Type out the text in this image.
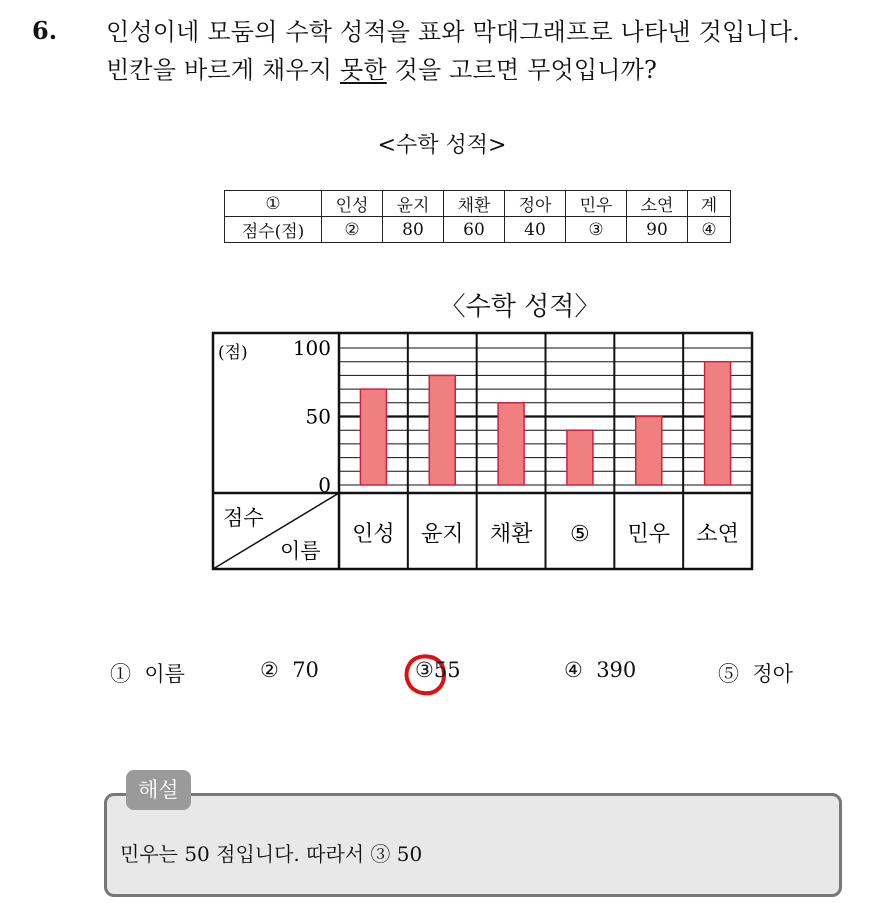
6. 인성이네 모둠의 수학 성적을 표와 막대그래프로 나타낸 것입니다.
빈칸을 바르게 채우지 못한 것을 고르면 무엇입니까?
<수학 성적>
①	인성	윤지	채환	정아	민우	소연	계
점수(점)	②	80	60	40	③	90	④
〈수학 성적〉
(점)
점수
이름
100
50
0
인성 윤지 채환 ⑤ 민우 소연
① 이름	② 70	③55	④ 390	⑤ 정아
해설
민우는 50 점입니다. 따라서 ③ 50
